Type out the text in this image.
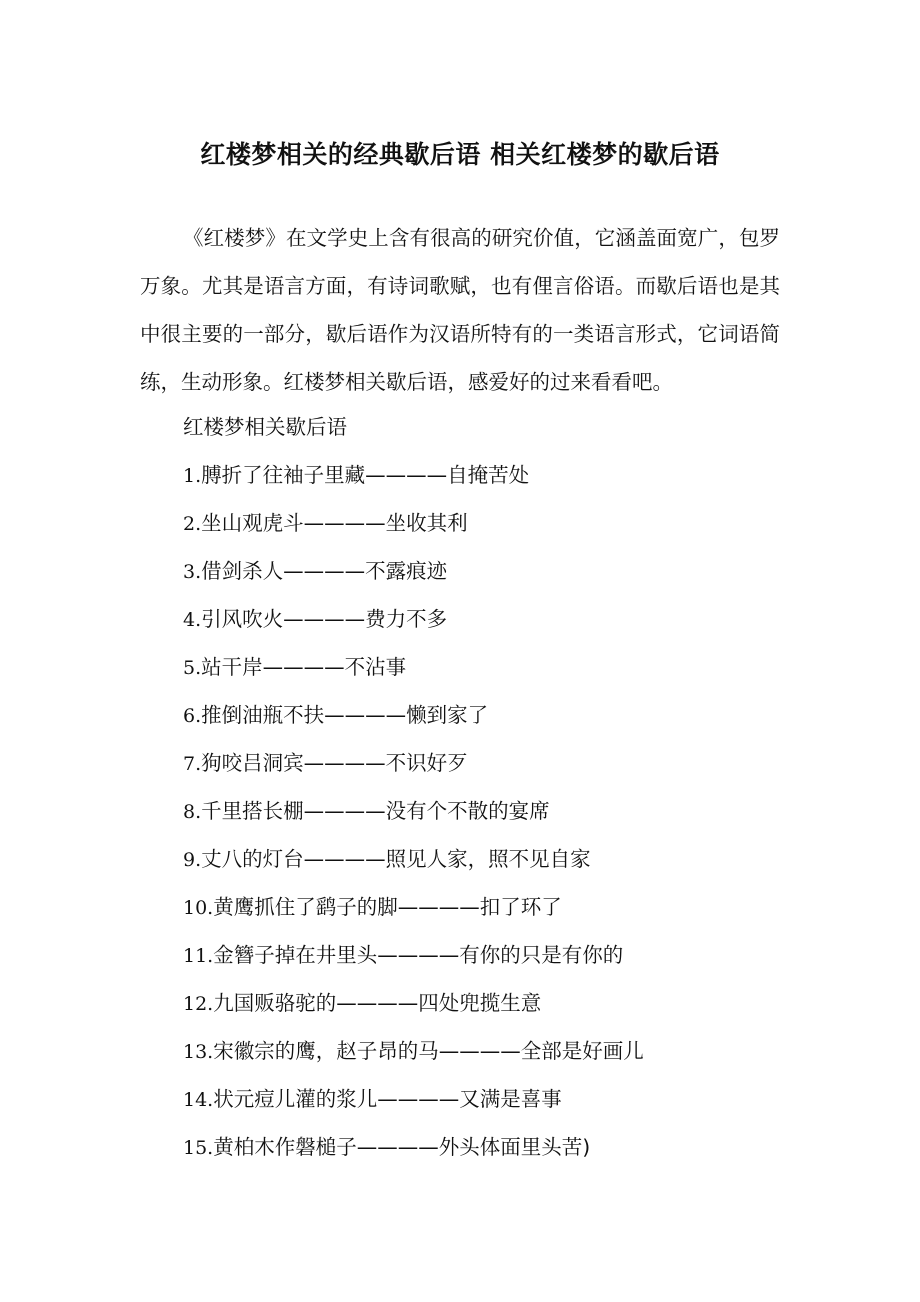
红楼梦相关的经典歇后语 相关红楼梦的歇后语

《红楼梦》在文学史上含有很高的研究价值，它涵盖面宽广，包罗万象。尤其是语言方面，有诗词歌赋，也有俚言俗语。而歇后语也是其中很主要的一部分，歇后语作为汉语所特有的一类语言形式，它词语简练，生动形象。红楼梦相关歇后语，感爱好的过来看看吧。

红楼梦相关歇后语

1.膊折了往袖子里藏————自掩苦处
2.坐山观虎斗————坐收其利
3.借剑杀人————不露痕迹
4.引风吹火————费力不多
5.站干岸————不沾事
6.推倒油瓶不扶————懒到家了
7.狗咬吕洞宾————不识好歹
8.千里搭长棚————没有个不散的宴席
9.丈八的灯台————照见人家，照不见自家
10.黄鹰抓住了鹞子的脚————扣了环了
11.金簪子掉在井里头————有你的只是有你的
12.九国贩骆驼的————四处兜揽生意
13.宋徽宗的鹰，赵子昂的马————全部是好画儿
14.状元痘儿灌的浆儿————又满是喜事
15.黄柏木作磐槌子————外头体面里头苦)
